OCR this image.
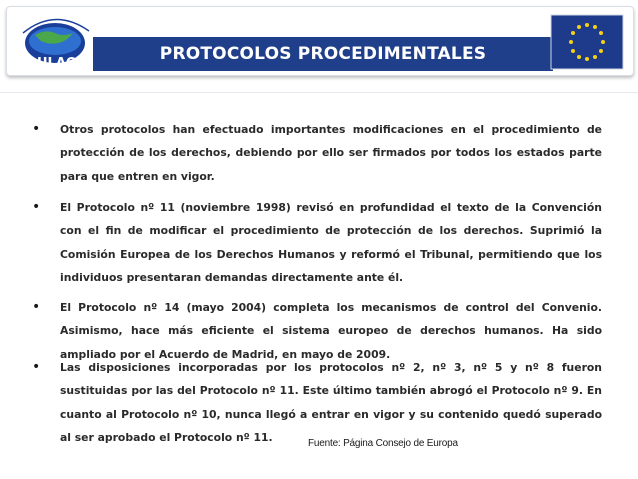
ULAC	PROTOCOLOS PROCEDIMENTALES
•	Otros protocolos han efectuado importantes modificaciones en el procedimiento de protección de los derechos, debiendo por ello ser firmados por todos los estados parte para que entren en vigor.
•	El Protocolo nº 11 (noviembre 1998) revisó en profundidad el texto de la Convención con el fin de modificar el procedimiento de protección de los derechos. Suprimió la Comisión Europea de los Derechos Humanos y reformó el Tribunal, permitiendo que los individuos presentaran demandas directamente ante él.
•	El Protocolo nº 14 (mayo 2004) completa los mecanismos de control del Convenio. Asimismo, hace más eficiente el sistema europeo de derechos humanos. Ha sido ampliado por el Acuerdo de Madrid, en mayo de 2009.
•	Las disposiciones incorporadas por los protocolos nº 2, nº 3, nº 5 y nº 8 fueron sustituidas por las del Protocolo nº 11. Este último también abrogó el Protocolo nº 9. En cuanto al Protocolo nº 10, nunca llegó a entrar en vigor y su contenido quedó superado al ser aprobado el Protocolo nº 11.	Fuente: Página Consejo de Europa
